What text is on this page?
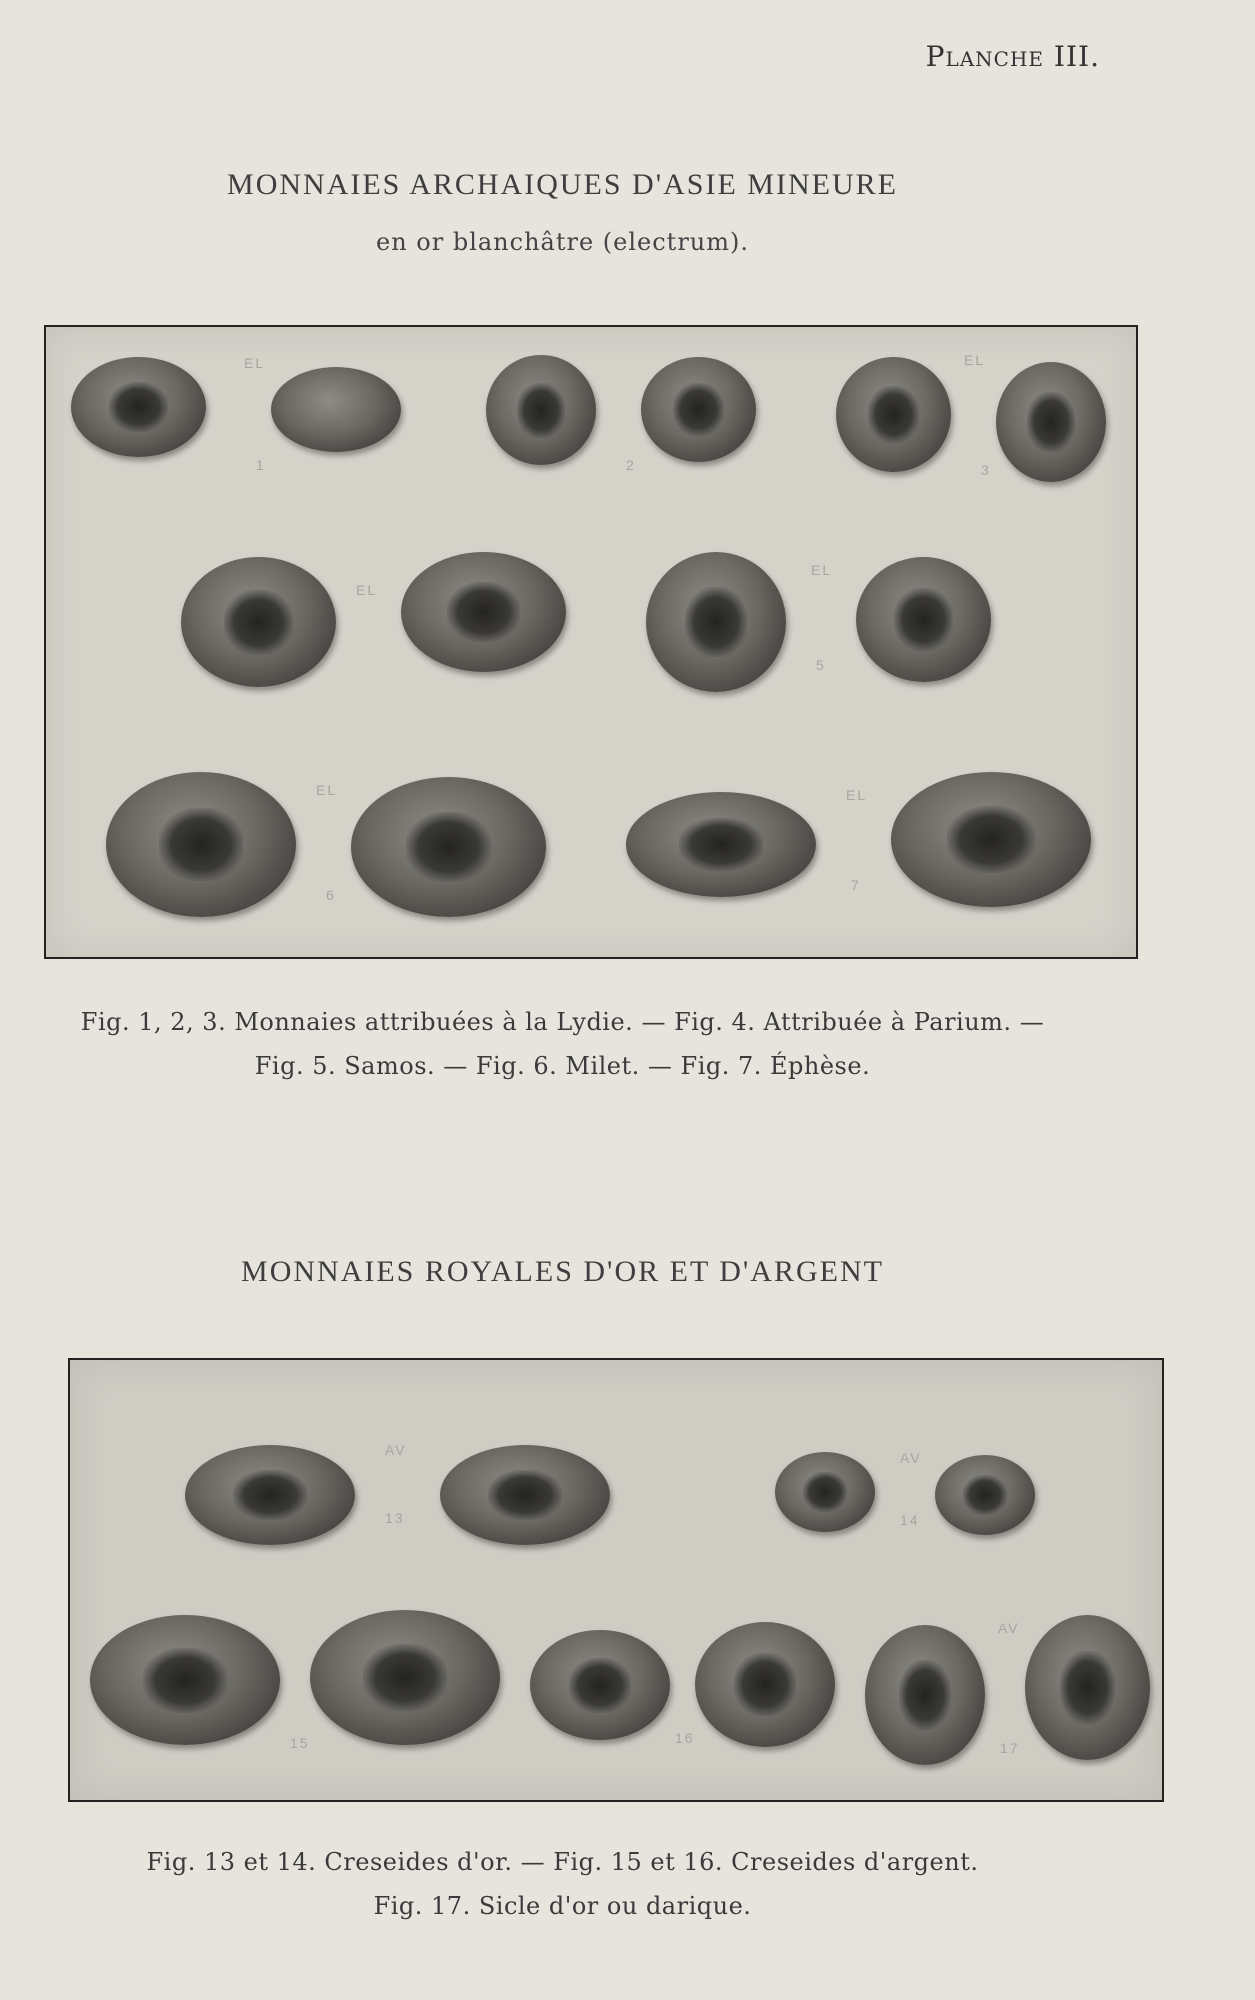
Planche III.
MONNAIES ARCHAIQUES D'ASIE MINEURE
en or blanchâtre (electrum).
EL	EL
EL
EL
EL	EL
1	2	3
5
6
7
Fig. 1, 2, 3. Monnaies attribuées à la Lydie. — Fig. 4. Attribuée à Parium. —
Fig. 5. Samos. — Fig. 6. Milet. — Fig. 7. Éphèse.
MONNAIES ROYALES D'OR ET D'ARGENT
AV	AV
AV
13	14
15	16
17
Fig. 13 et 14. Creseides d'or. — Fig. 15 et 16. Creseides d'argent.
Fig. 17. Sicle d'or ou darique.
